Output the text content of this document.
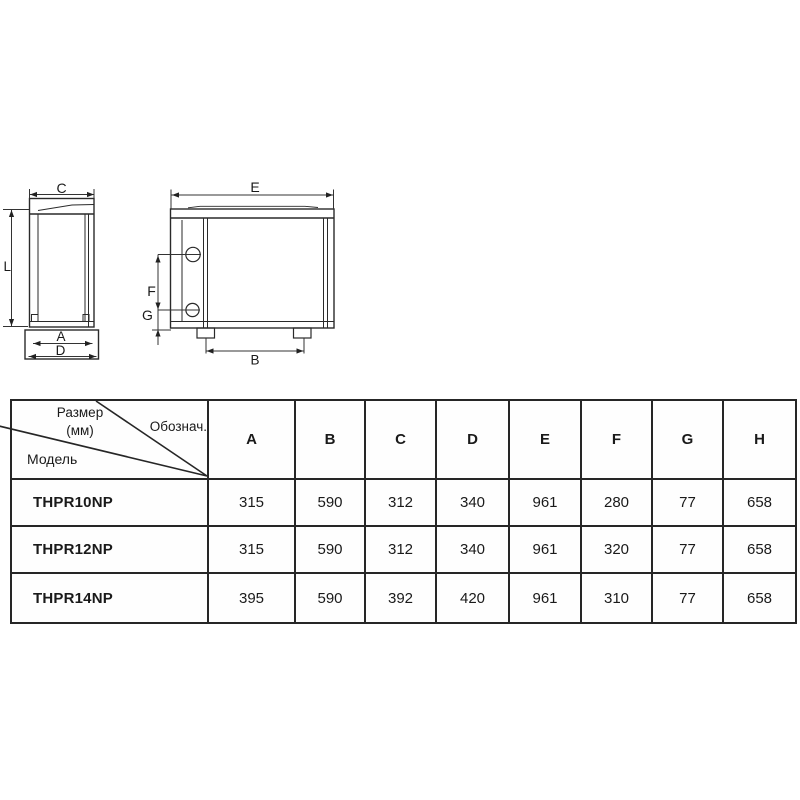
C
L
A
D
E
F
G
B
Размер
(мм)	Обознач.
Модель
A	B	C	D	E	F	G	H
THPR10NP	315	590	312	340	961	280	77	658
THPR12NP	315	590	312	340	961	320	77	658
THPR14NP	395	590	392	420	961	310	77	658
